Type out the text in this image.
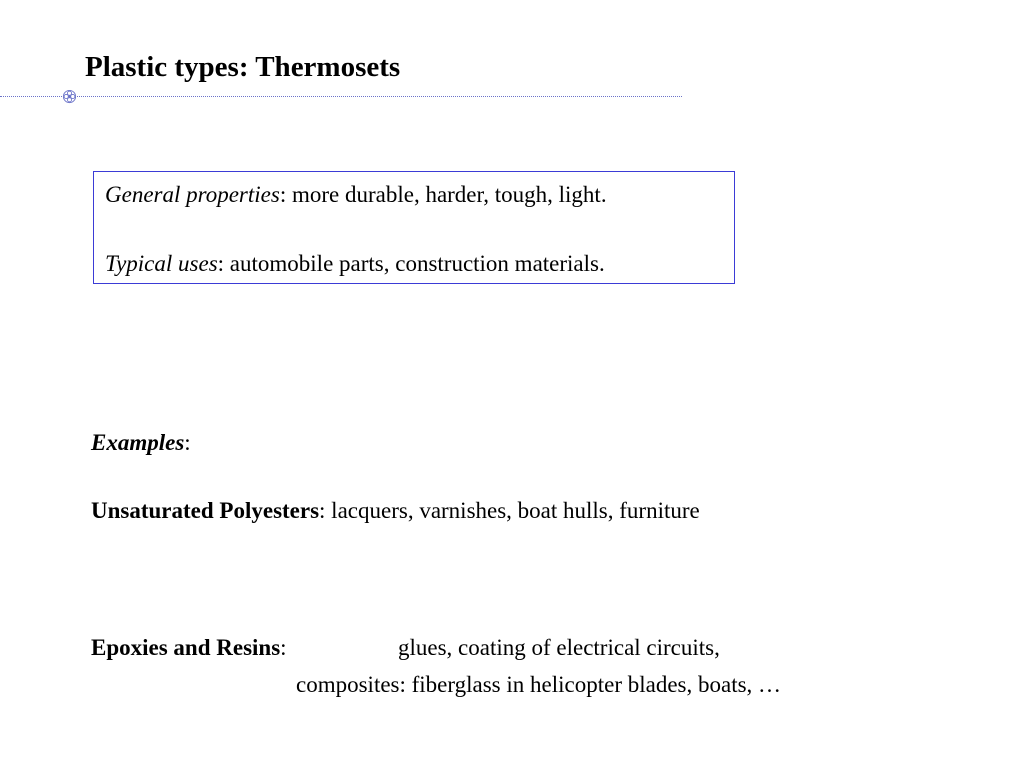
Plastic types: Thermosets

General properties: more durable, harder, tough, light.

Typical uses: automobile parts, construction materials.

Examples:

Unsaturated Polyesters: lacquers, varnishes, boat hulls, furniture

Epoxies and Resins:	glues, coating of electrical circuits,

composites: fiberglass in helicopter blades, boats, …
